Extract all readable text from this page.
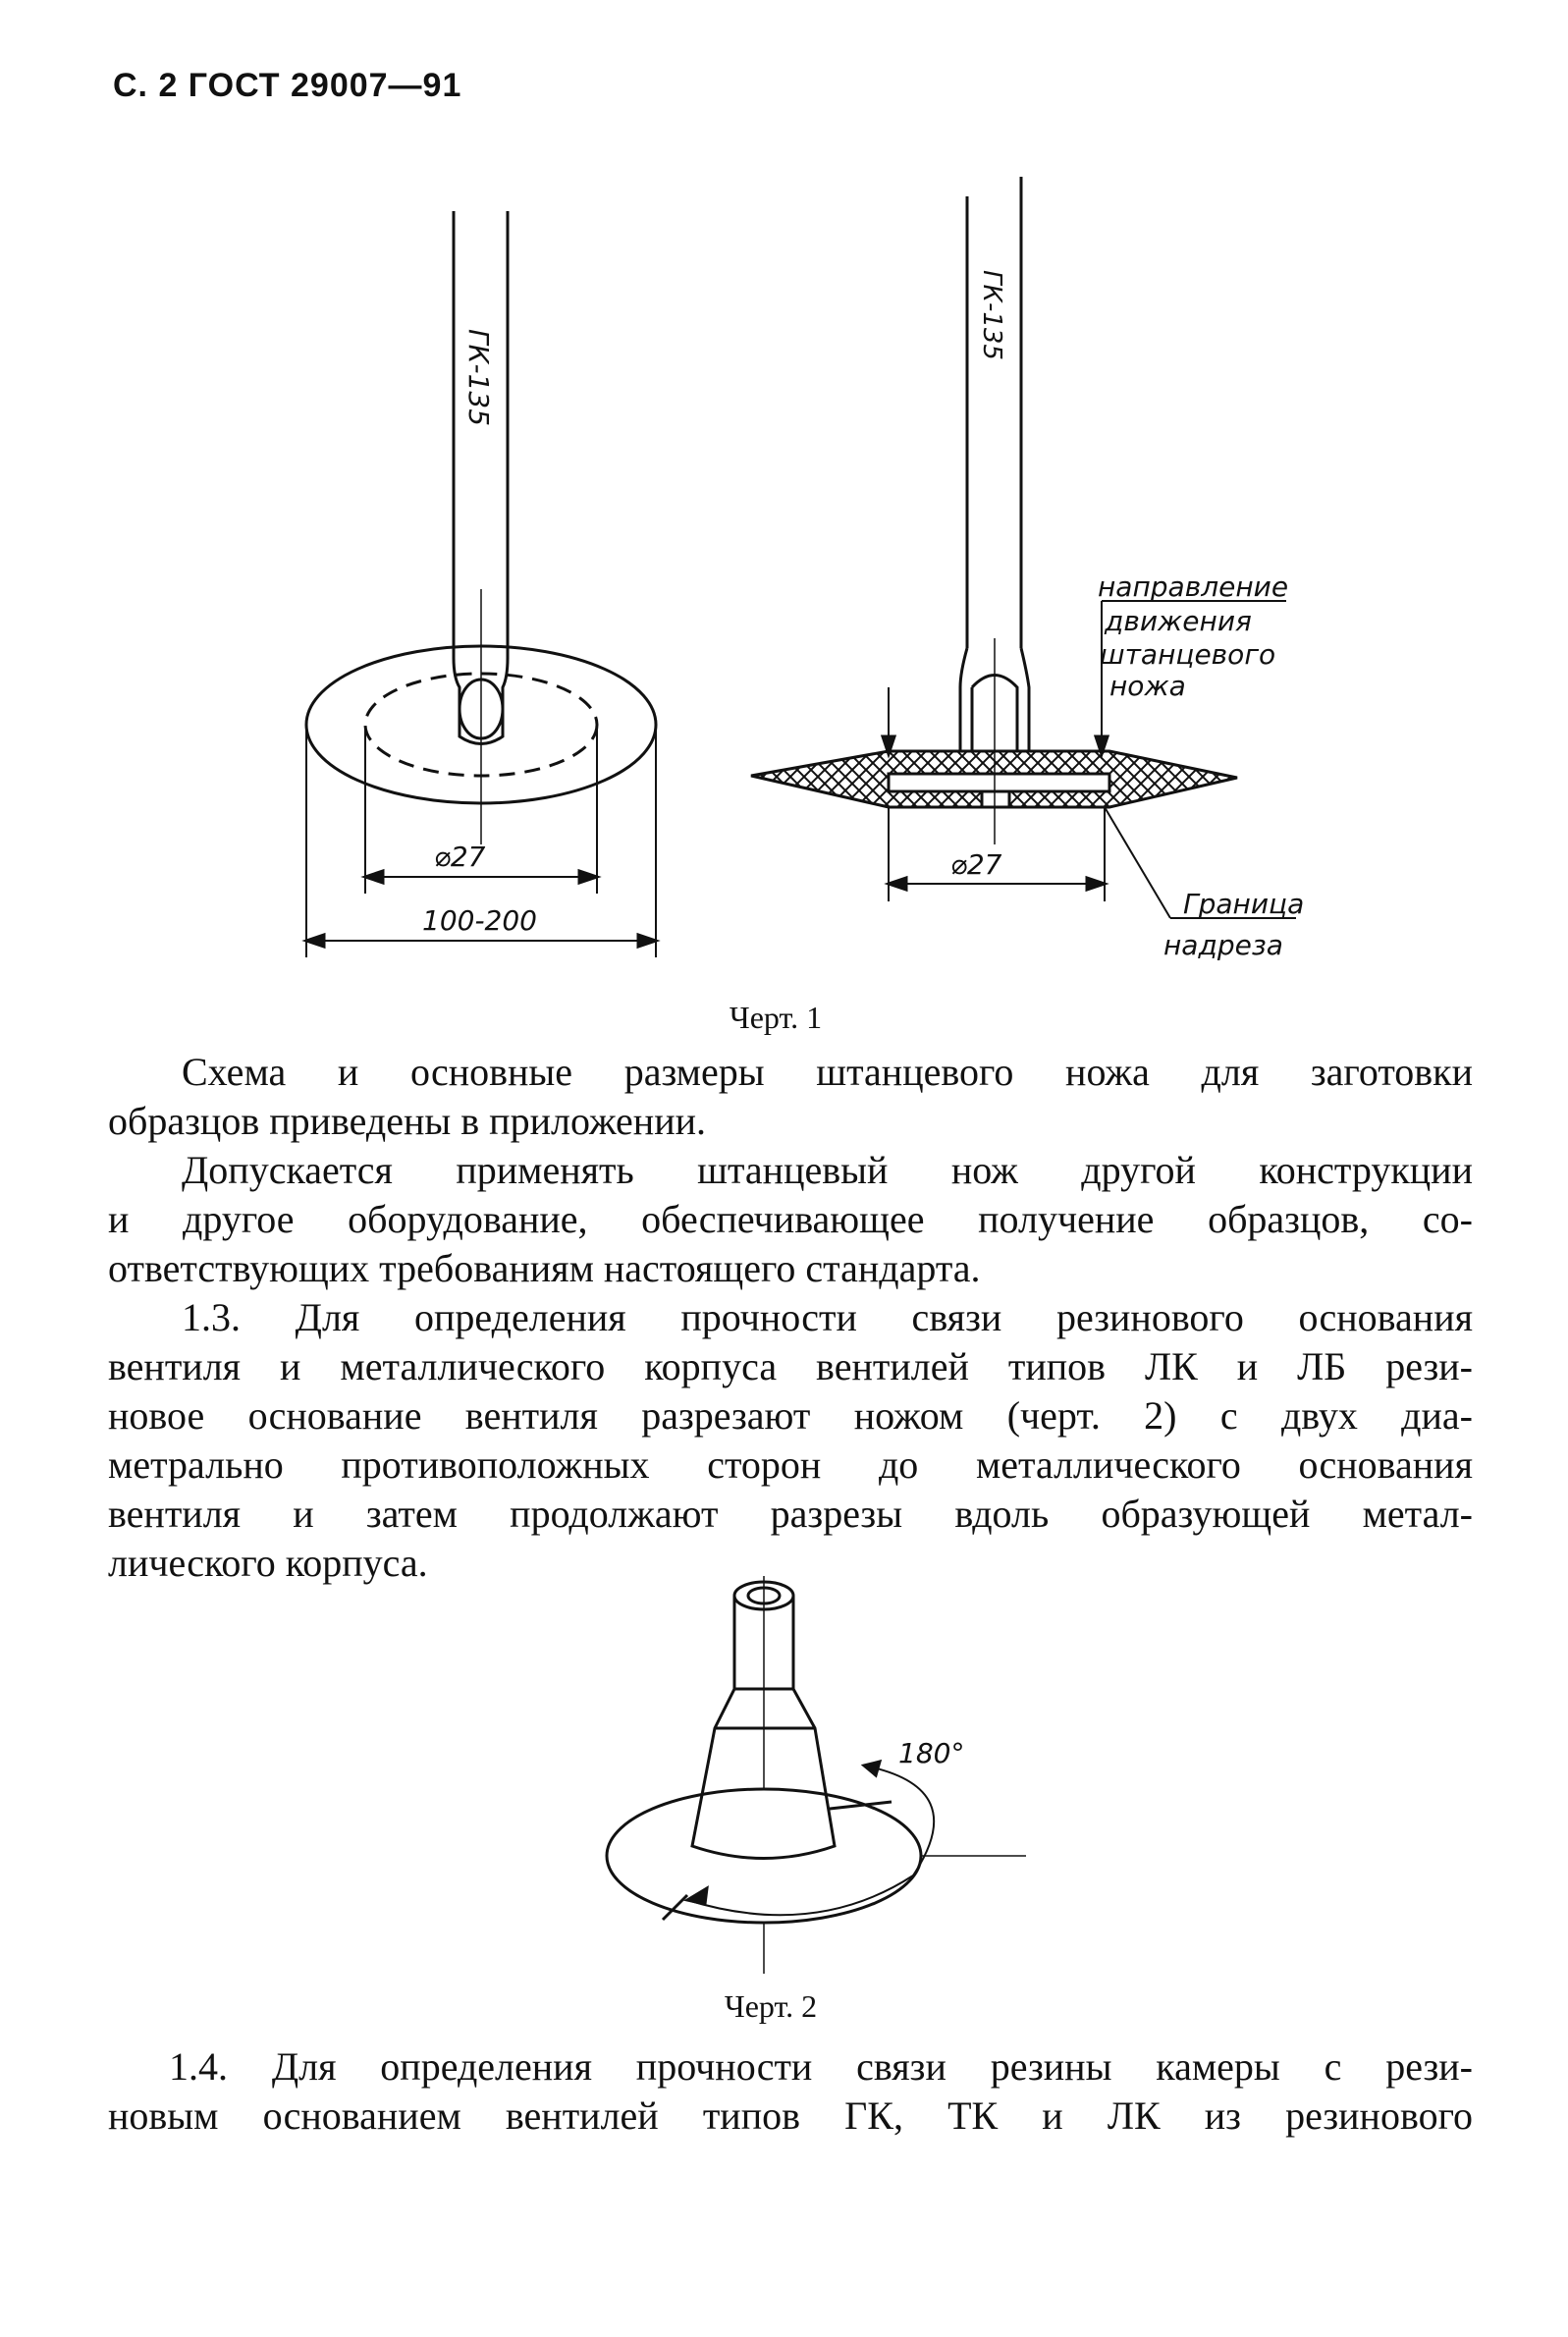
С. 2 ГОСТ 29007—91
ГК-135
⌀27
100-200
ГК-135
⌀27
направление
движения
штанцевого
ножа
Граница
надреза
180°
Черт. 1
Схема и основные размеры штанцевого ножа для заготовки
образцов приведены в приложении.
Допускается применять штанцевый нож другой конструкции
и другое оборудование, обеспечивающее получение образцов, со-
ответствующих требованиям настоящего стандарта.
1.3. Для определения прочности связи резинового основания
вентиля и металлического корпуса вентилей типов ЛК и ЛБ рези-
новое основание вентиля разрезают ножом (черт. 2) с двух диа-
метрально противоположных сторон до металлического основания
вентиля и затем продолжают разрезы вдоль образующей метал-
лического корпуса.
Черт. 2
1.4. Для определения прочности связи резины камеры с рези-
новым основанием вентилей типов ГК, ТК и ЛК из резинового
